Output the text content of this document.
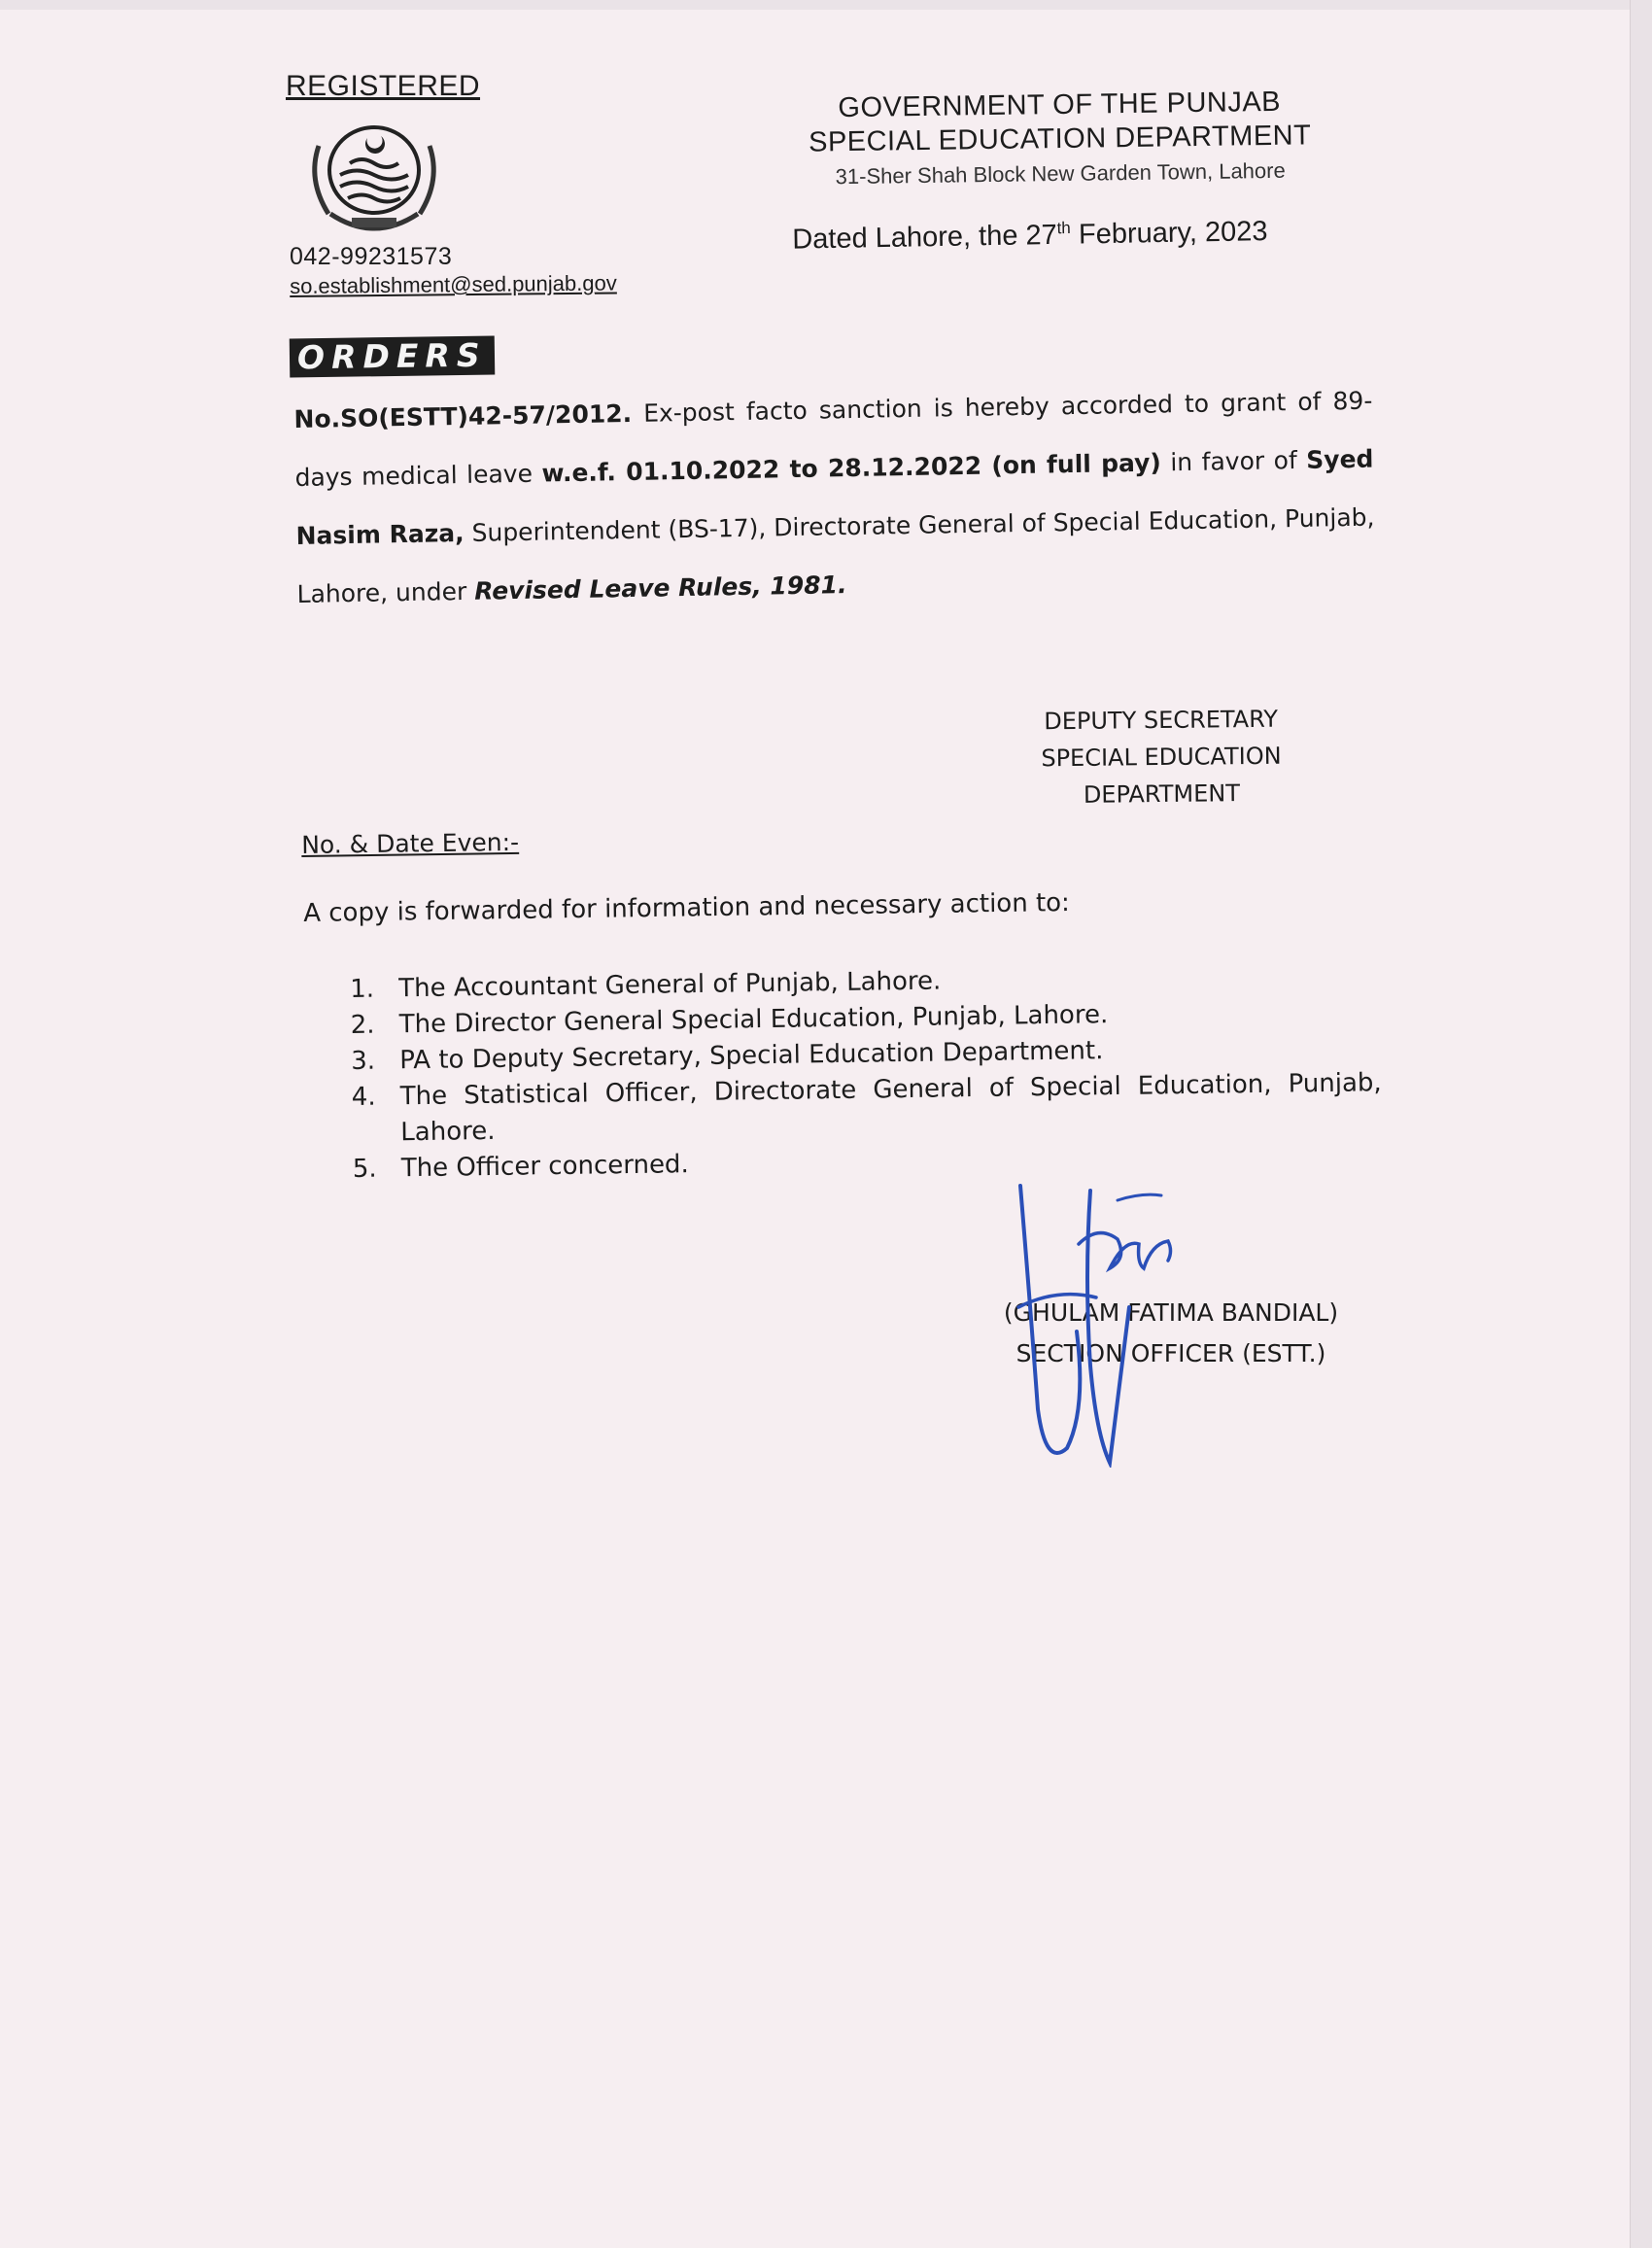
REGISTERED
042-99231573
so.establishment@sed.punjab.gov
GOVERNMENT OF THE PUNJAB
SPECIAL EDUCATION DEPARTMENT
31-Sher Shah Block New Garden Town, Lahore
Dated Lahore, the 27th February, 2023
ORDERS
No.SO(ESTT)42-57/2012. Ex-post facto sanction is hereby accorded to grant of 89-days medical leave w.e.f. 01.10.2022 to 28.12.2022 (on full pay) in favor of Syed Nasim Raza, Superintendent (BS-17), Directorate General of Special Education, Punjab, Lahore, under Revised Leave Rules, 1981.
DEPUTY SECRETARY
SPECIAL EDUCATION
DEPARTMENT
No. & Date Even:-
A copy is forwarded for information and necessary action to:
1. The Accountant General of Punjab, Lahore.
2. The Director General Special Education, Punjab, Lahore.
3. PA to Deputy Secretary, Special Education Department.
4. The Statistical Officer, Directorate General of Special Education, Punjab, Lahore.
5. The Officer concerned.
(GHULAM FATIMA BANDIAL)
SECTION OFFICER (ESTT.)
